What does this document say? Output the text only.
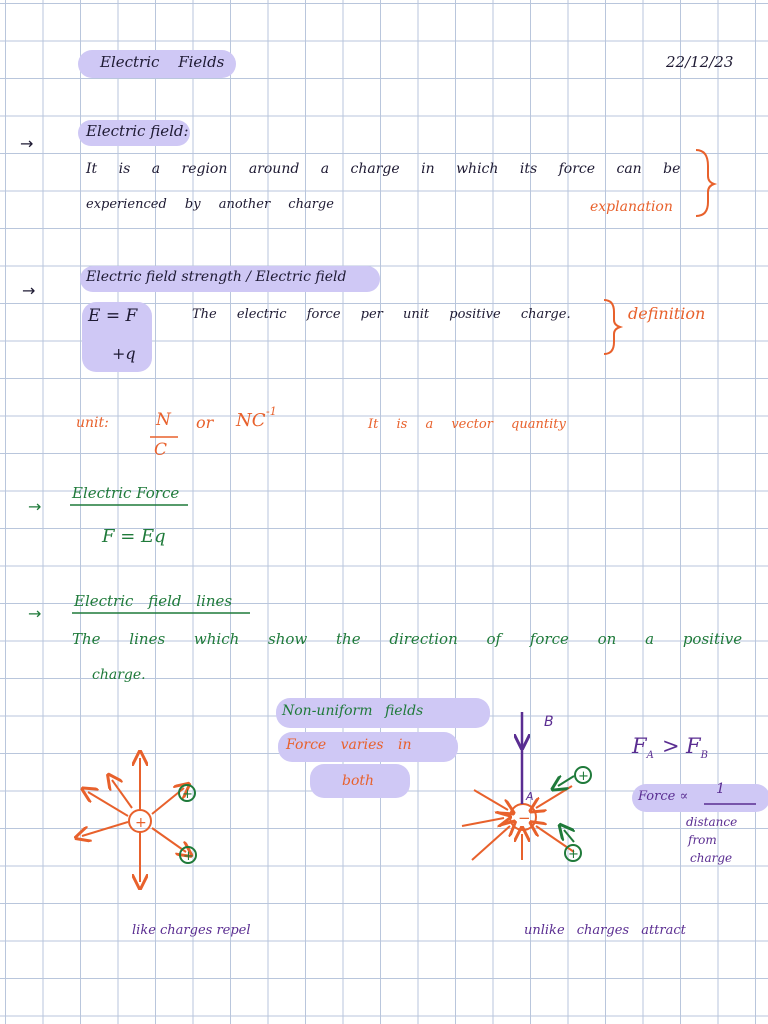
Electric Fields	22/12/23
→
Electric field:
It is a region around a charge in which its force can be
experienced by another charge	explanation
→
Electric field strength / Electric field
E = F
+q
The electric force per unit positive charge.	definition
unit:	N
C
or NC -1
It is a vector quantity
→
Electric Force
F = Eq
→
Electric field lines
The lines which show the direction of force on a positive
charge.
Non-uniform fields
Force varies in
both
$F_A > F_B$
Force ∝ 1
distance
from
charge
like charges repel	unlike charges attract
+
+
+
B
A
−
+
+
